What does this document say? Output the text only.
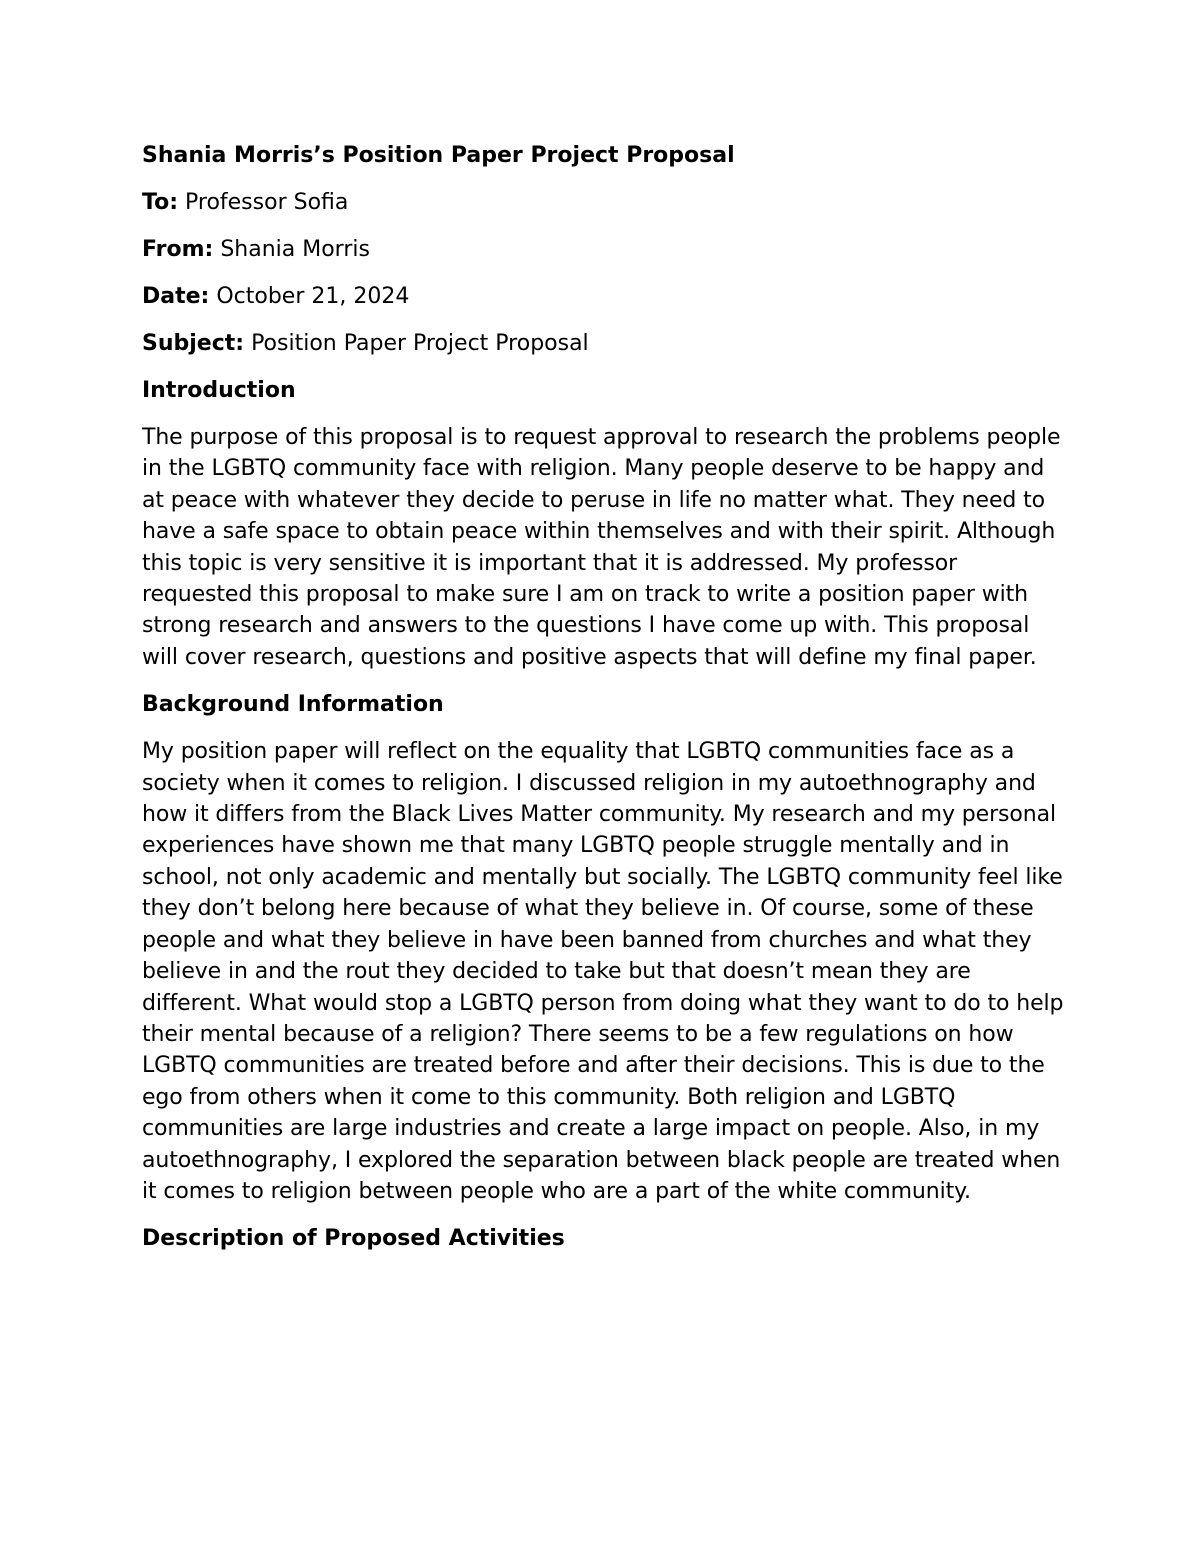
Shania Morris’s Position Paper Project Proposal
To: Professor Sofia
From: Shania Morris
Date: October 21, 2024
Subject: Position Paper Project Proposal
Introduction

The purpose of this proposal is to request approval to research the problems people in the LGBTQ community face with religion. Many people deserve to be happy and at peace with whatever they decide to peruse in life no matter what. They need to have a safe space to obtain peace within themselves and with their spirit. Although this topic is very sensitive it is important that it is addressed. My professor requested this proposal to make sure I am on track to write a position paper with strong research and answers to the questions I have come up with. This proposal will cover research, questions and positive aspects that will define my final paper.

Background Information

My position paper will reflect on the equality that LGBTQ communities face as a society when it comes to religion. I discussed religion in my autoethnography and how it differs from the Black Lives Matter community. My research and my personal experiences have shown me that many LGBTQ people struggle mentally and in school, not only academic and mentally but socially. The LGBTQ community feel like they don’t belong here because of what they believe in. Of course, some of these people and what they believe in have been banned from churches and what they believe in and the rout they decided to take but that doesn’t mean they are different. What would stop a LGBTQ person from doing what they want to do to help their mental because of a religion? There seems to be a few regulations on how LGBTQ communities are treated before and after their decisions. This is due to the ego from others when it come to this community. Both religion and LGBTQ communities are large industries and create a large impact on people. Also, in my autoethnography, I explored the separation between black people are treated when it comes to religion between people who are a part of the white community.

Description of Proposed Activities
